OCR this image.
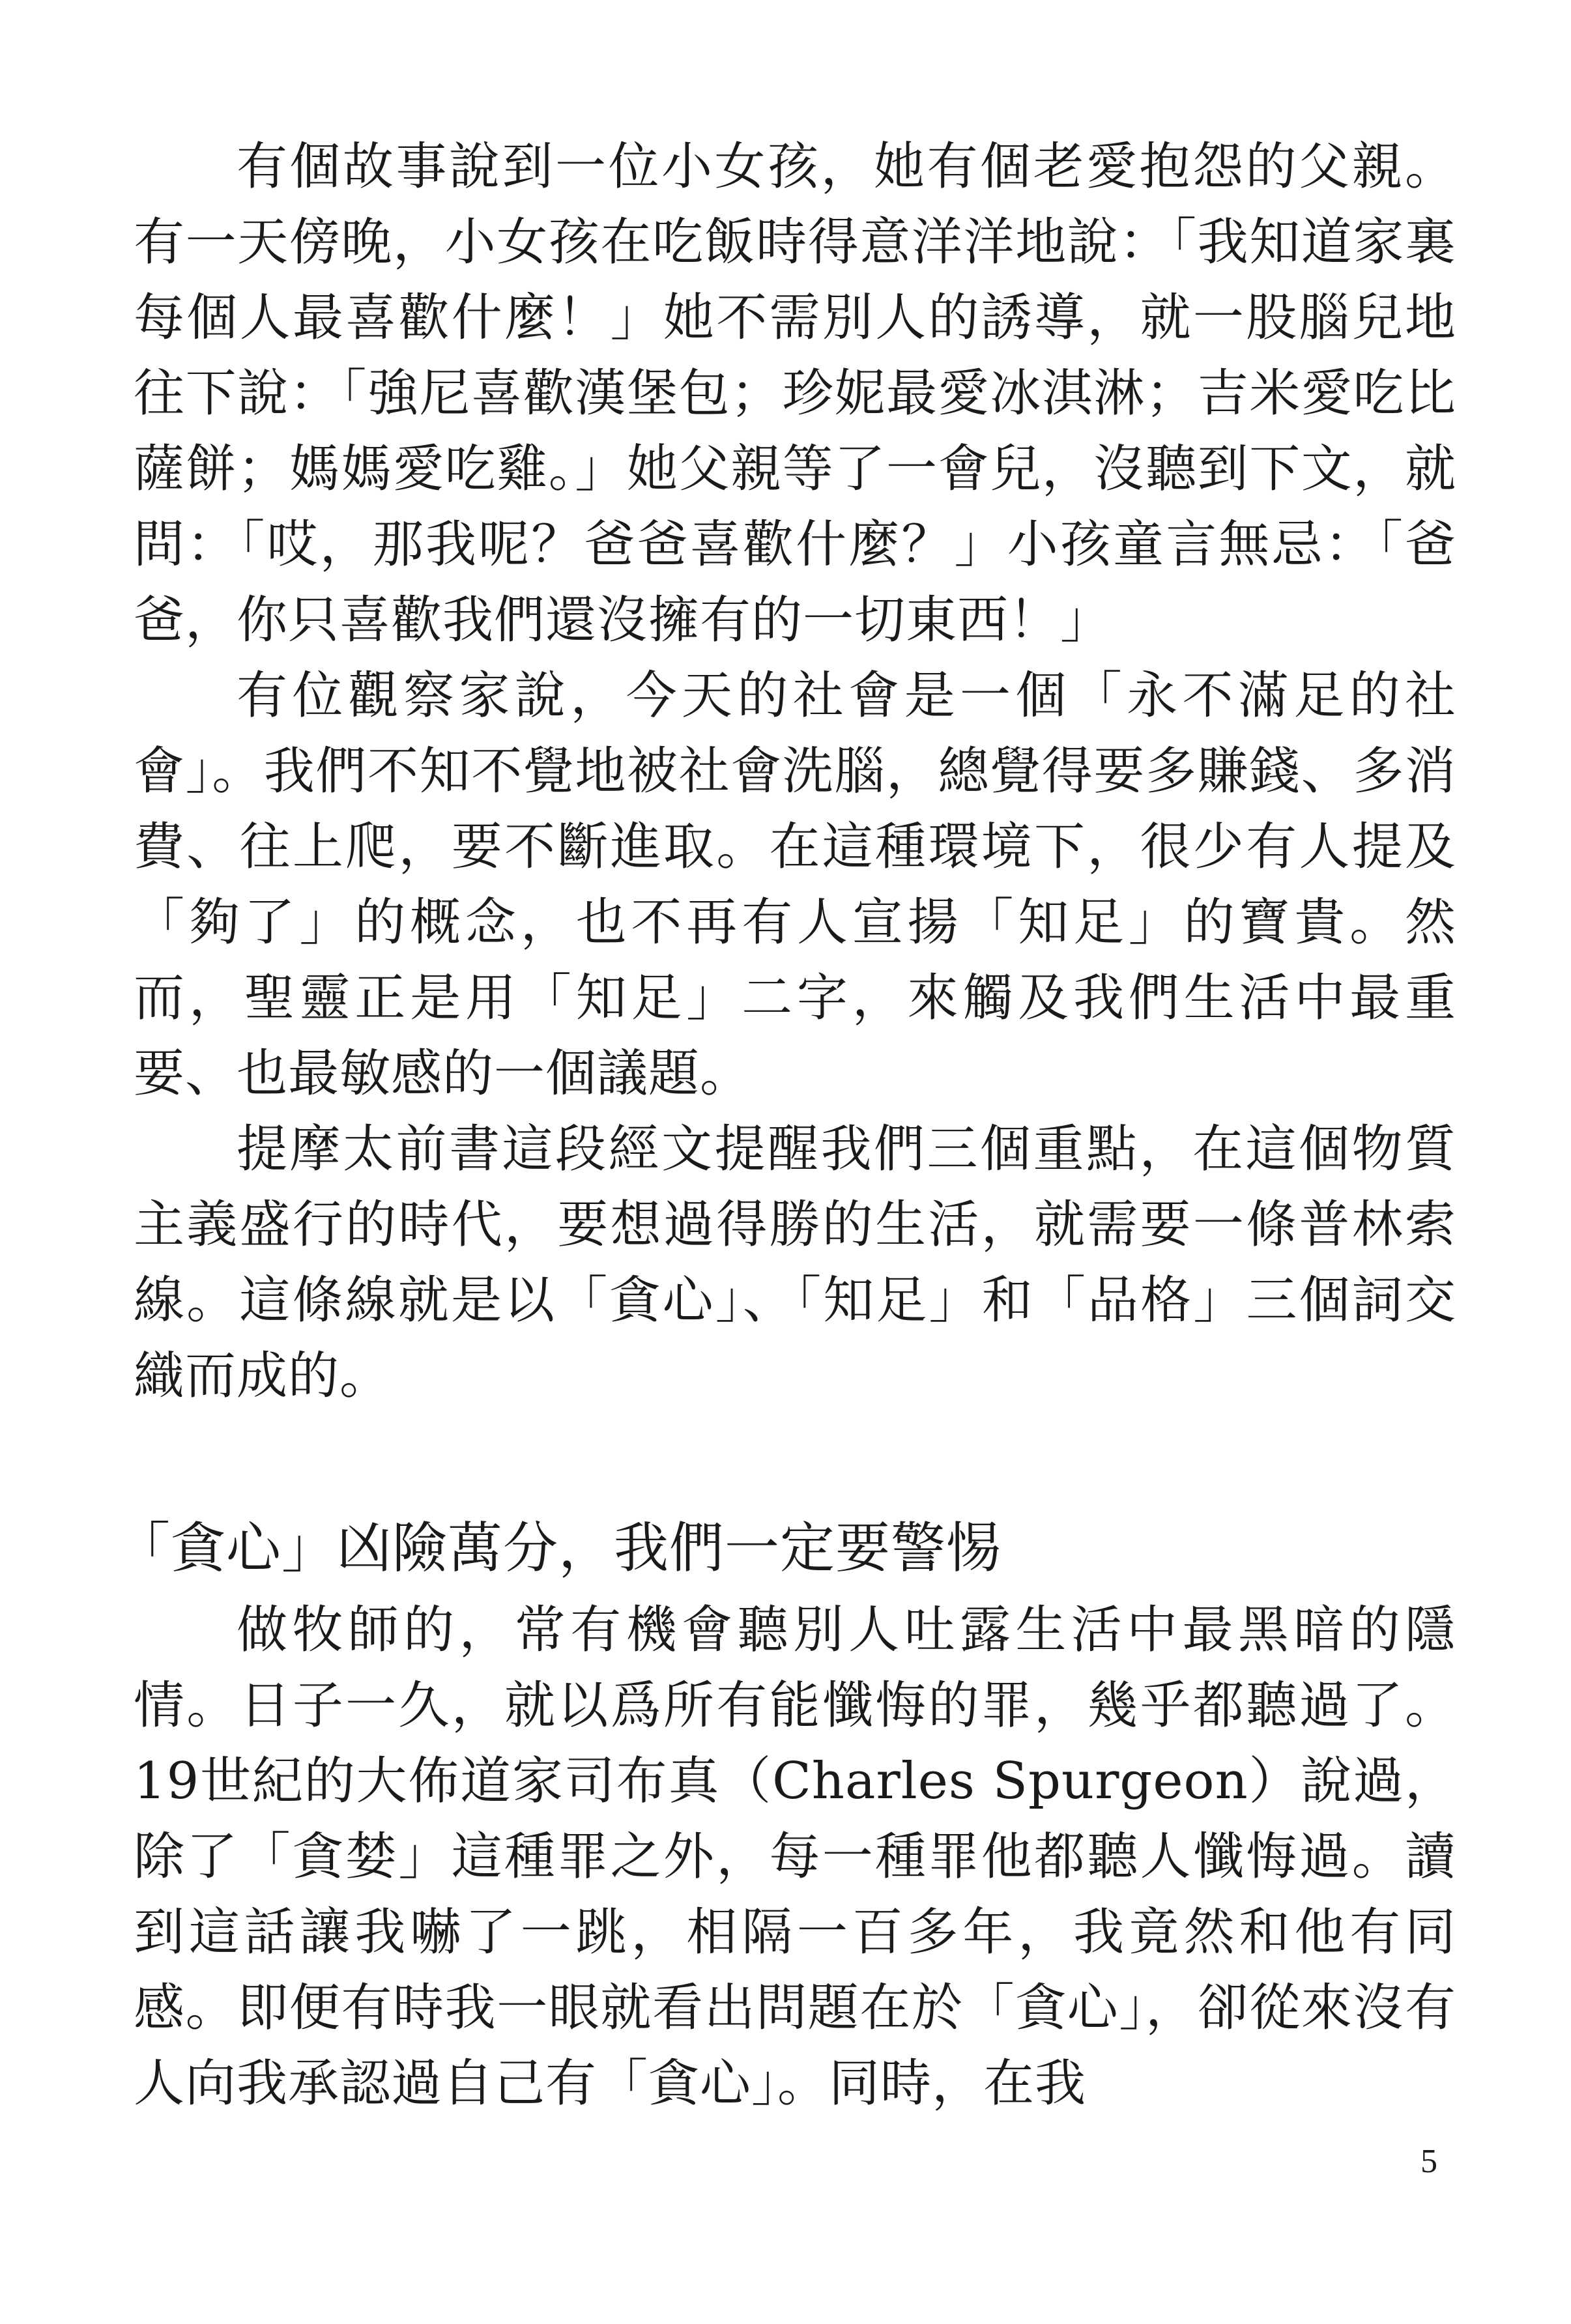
有個故事說到一位小女孩，她有個老愛抱怨的父親。有一天傍晚，小女孩在吃飯時得意洋洋地說：「我知道家裏每個人最喜歡什麼！」她不需別人的誘導，就一股腦兒地往下說：「強尼喜歡漢堡包；珍妮最愛冰淇淋；吉米愛吃比薩餅；媽媽愛吃雞。」她父親等了一會兒，沒聽到下文，就問：「哎，那我呢？爸爸喜歡什麼？」小孩童言無忌：「爸爸，你只喜歡我們還沒擁有的一切東西！」

有位觀察家說，今天的社會是一個「永不滿足的社會」。我們不知不覺地被社會洗腦，總覺得要多賺錢、多消費、往上爬，要不斷進取。在這種環境下，很少有人提及「夠了」的概念，也不再有人宣揚「知足」的寶貴。然而，聖靈正是用「知足」二字，來觸及我們生活中最重要、也最敏感的一個議題。

提摩太前書這段經文提醒我們三個重點，在這個物質主義盛行的時代，要想過得勝的生活，就需要一條普林索線。這條線就是以「貪心」、「知足」和「品格」三個詞交織而成的。

「貪心」凶險萬分，我們一定要警惕

做牧師的，常有機會聽別人吐露生活中最黑暗的隱情。日子一久，就以爲所有能懺悔的罪，幾乎都聽過了。19世紀的大佈道家司布真（Charles Spurgeon）說過，除了「貪婪」這種罪之外，每一種罪他都聽人懺悔過。讀到這話讓我嚇了一跳，相隔一百多年，我竟然和他有同感。即便有時我一眼就看出問題在於「貪心」，卻從來沒有人向我承認過自己有「貪心」。同時，在我

5
